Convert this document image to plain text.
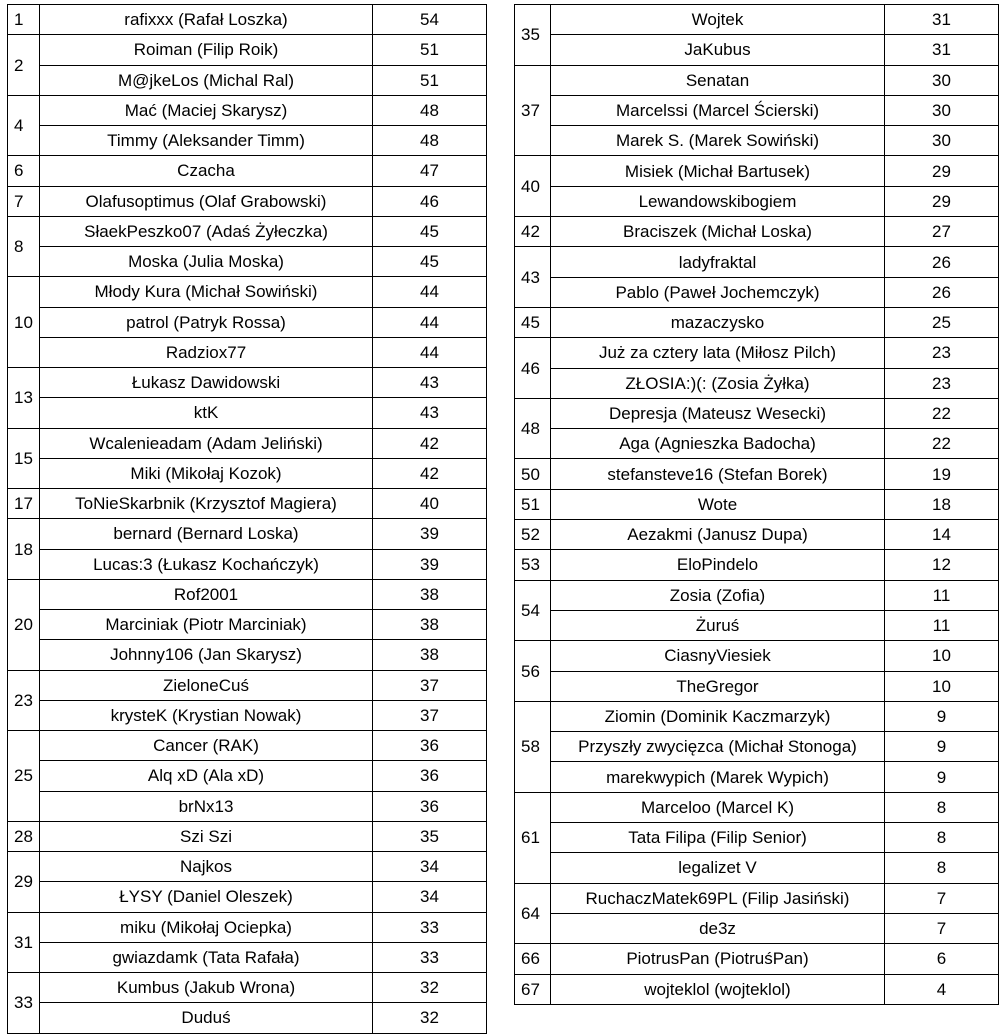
1	rafixxx (Rafał Loszka)	54
2	Roiman (Filip Roik)	51
	M@jkeLos (Michal Ral)	51
4	Mać (Maciej Skarysz)	48
	Timmy (Aleksander Timm)	48
6	Czacha	47
7	Olafusoptimus (Olaf Grabowski)	46
8	SłaekPeszko07 (Adaś Żyłeczka)	45
	Moska (Julia Moska)	45
10	Młody Kura (Michał Sowiński)	44
	patrol (Patryk Rossa)	44
	Radziox77	44
13	Łukasz Dawidowski	43
	ktK	43
15	Wcalenieadam (Adam Jeliński)	42
	Miki (Mikołaj Kozok)	42
17	ToNieSkarbnik (Krzysztof Magiera)	40
18	bernard (Bernard Loska)	39
	Lucas:3 (Łukasz Kochańczyk)	39
20	Rof2001	38
	Marciniak (Piotr Marciniak)	38
	Johnny106 (Jan Skarysz)	38
23	ZieloneCuś	37
	krysteK (Krystian Nowak)	37
25	Cancer (RAK)	36
	Alq xD (Ala xD)	36
	brNx13	36
28	Szi Szi	35
29	Najkos	34
	ŁYSY (Daniel Oleszek)	34
31	miku (Mikołaj Ociepka)	33
	gwiazdamk (Tata Rafała)	33
33	Kumbus (Jakub Wrona)	32
	Duduś	32
35	Wojtek	31
	JaKubus	31
37	Senatan	30
	Marcelssi (Marcel Ścierski)	30
	Marek S. (Marek Sowiński)	30
40	Misiek (Michał Bartusek)	29
	Lewandowskibogiem	29
42	Braciszek (Michał Loska)	27
43	ladyfraktal	26
	Pablo (Paweł Jochemczyk)	26
45	mazaczysko	25
46	Już za cztery lata (Miłosz Pilch)	23
	ZŁOSIA:)(: (Zosia Żyłka)	23
48	Depresja (Mateusz Wesecki)	22
	Aga (Agnieszka Badocha)	22
50	stefansteve16 (Stefan Borek)	19
51	Wote	18
52	Aezakmi (Janusz Dupa)	14
53	EloPindelo	12
54	Zosia (Zofia)	11
	Żuruś	11
56	CiasnyViesiek	10
	TheGregor	10
58	Ziomin (Dominik Kaczmarzyk)	9
	Przyszły zwycięzca (Michał Stonoga)	9
	marekwypich (Marek Wypich)	9
61	Marceloo (Marcel K)	8
	Tata Filipa (Filip Senior)	8
	legalizet V	8
64	RuchaczMatek69PL (Filip Jasiński)	7
	de3z	7
66	PiotrusPan (PiotruśPan)	6
67	wojteklol (wojteklol)	4
